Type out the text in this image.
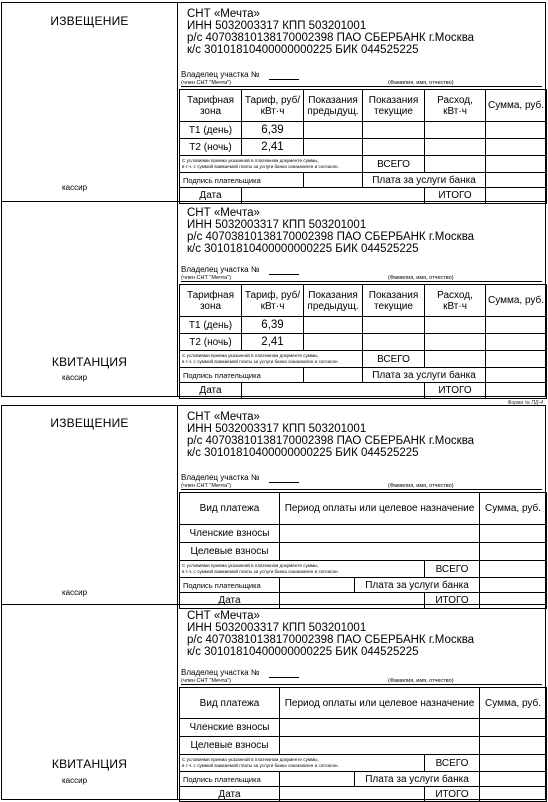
ИЗВЕЩЕНИЕ
кассир
СНТ «Мечта»
ИНН 5032003317 КПП 503201001
р/с 40703810138170002398 ПАО СБЕРБАНК г.Москва
к/с 30101810400000000225 БИК 044525225
Владелец участка №
(член СНТ "Мечта")	(Фамилия, имя, отчество)
Тарифная зона	Тариф, руб/кВт·ч	Показания предыдущ.	Показания текущие	Расход, кВт·ч	Сумма, руб.
Т1 (день)	6,39				
Т2 (ночь)	2,41				
С условиями приема указанной в платежном документе суммы,
в т.ч. с суммой взимаемой платы за услуги банка ознакомлен и согласен.			ВСЕГО		
Подпись плательщика			Плата за услуги банка		
Дата				ИТОГО	
КВИТАНЦИЯ
кассир
СНТ «Мечта»
ИНН 5032003317 КПП 503201001
р/с 40703810138170002398 ПАО СБЕРБАНК г.Москва
к/с 30101810400000000225 БИК 044525225
Владелец участка №
(член СНТ "Мечта")	(Фамилия, имя, отчество)
Тарифная зона	Тариф, руб/кВт·ч	Показания предыдущ.	Показания текущие	Расход, кВт·ч	Сумма, руб.
Т1 (день)	6,39				
Т2 (ночь)	2,41				
С условиями приема указанной в платежном документе суммы,
в т.ч. с суммой взимаемой платы за услуги банка ознакомлен и согласен.			ВСЕГО		
Подпись плательщика			Плата за услуги банка		
Дата				ИТОГО	
Форма № ПД-4
ИЗВЕЩЕНИЕ
кассир
СНТ «Мечта»
ИНН 5032003317 КПП 503201001
р/с 40703810138170002398 ПАО СБЕРБАНК г.Москва
к/с 30101810400000000225 БИК 044525225
Владелец участка №
(член СНТ "Мечта")	(Фамилия, имя, отчество)
Вид платежа	Период оплаты или целевое назначение			Сумма, руб.
Членские взносы				
Целевые взносы				
С условиями приема указанной в платежном документе суммы,
в т.ч. с суммой взимаемой платы за услуги банка ознакомлен и согласен.			ВСЕГО	
Подпись плательщика		Плата за услуги банка		
Дата			ИТОГО	
КВИТАНЦИЯ
кассир
СНТ «Мечта»
ИНН 5032003317 КПП 503201001
р/с 40703810138170002398 ПАО СБЕРБАНК г.Москва
к/с 30101810400000000225 БИК 044525225
Владелец участка №
(член СНТ "Мечта")	(Фамилия, имя, отчество)
Вид платежа	Период оплаты или целевое назначение			Сумма, руб.
Членские взносы				
Целевые взносы				
С условиями приема указанной в платежном документе суммы,
в т.ч. с суммой взимаемой платы за услуги банка ознакомлен и согласен.			ВСЕГО	
Подпись плательщика		Плата за услуги банка		
Дата			ИТОГО	
